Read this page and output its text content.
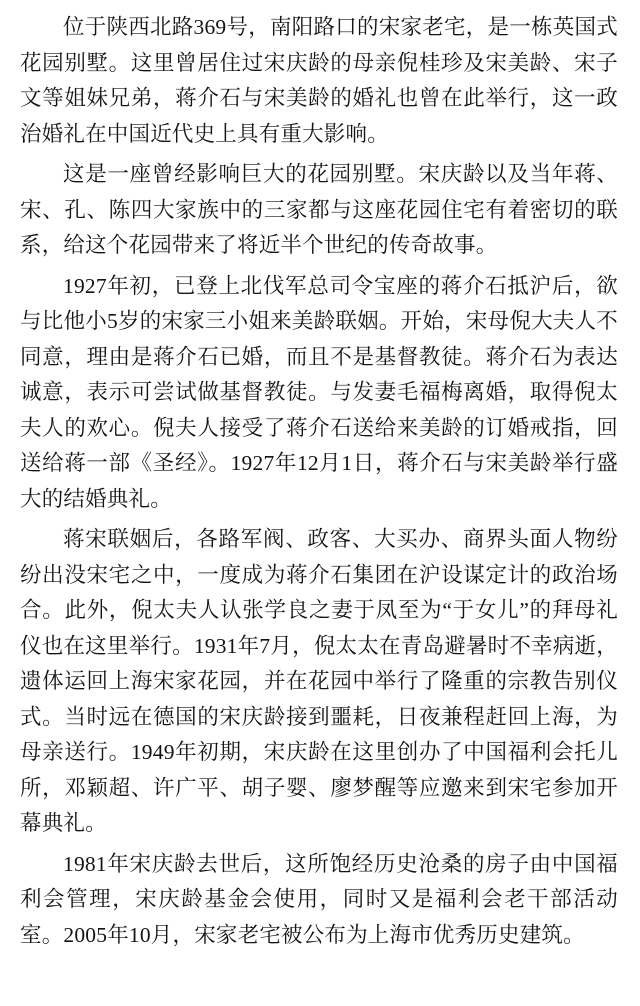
位于陕西北路369号，南阳路口的宋家老宅，是一栋英国式花园别墅。这里曾居住过宋庆龄的母亲倪桂珍及宋美龄、宋子文等姐妹兄弟，蒋介石与宋美龄的婚礼也曾在此举行，这一政治婚礼在中国近代史上具有重大影响。

这是一座曾经影响巨大的花园别墅。宋庆龄以及当年蒋、宋、孔、陈四大家族中的三家都与这座花园住宅有着密切的联系，给这个花园带来了将近半个世纪的传奇故事。

1927年初，已登上北伐军总司令宝座的蒋介石抵沪后，欲与比他小5岁的宋家三小姐来美龄联姻。开始，宋母倪大夫人不同意，理由是蒋介石已婚，而且不是基督教徒。蒋介石为表达诚意，表示可尝试做基督教徒。与发妻毛福梅离婚，取得倪太夫人的欢心。倪夫人接受了蒋介石送给来美龄的订婚戒指，回送给蒋一部《圣经》。1927年12月1日，蒋介石与宋美龄举行盛大的结婚典礼。

蒋宋联姻后，各路军阀、政客、大买办、商界头面人物纷纷出没宋宅之中，一度成为蒋介石集团在沪设谋定计的政治场合。此外，倪太夫人认张学良之妻于凤至为“于女儿”的拜母礼仪也在这里举行。1931年7月，倪太太在青岛避暑时不幸病逝，遗体运回上海宋家花园，并在花园中举行了隆重的宗教告别仪式。当时远在德国的宋庆龄接到噩耗，日夜兼程赶回上海，为母亲送行。1949年初期，宋庆龄在这里创办了中国福利会托儿所，邓颖超、许广平、胡子婴、廖梦醒等应邀来到宋宅参加开幕典礼。

1981年宋庆龄去世后，这所饱经历史沧桑的房子由中国福利会管理，宋庆龄基金会使用，同时又是福利会老干部活动室。2005年10月，宋家老宅被公布为上海市优秀历史建筑。
